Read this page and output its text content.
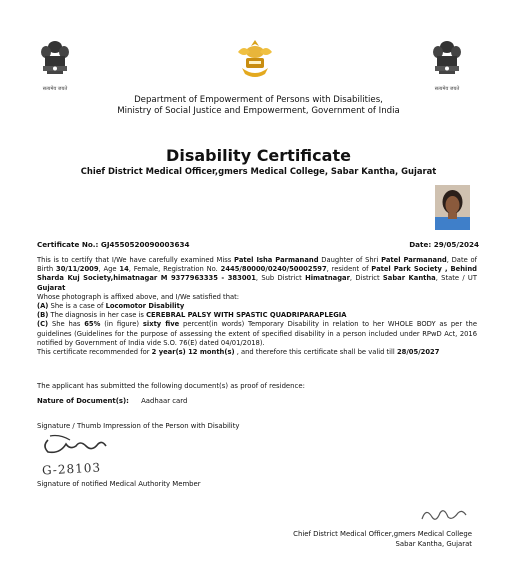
सत्यमेव जयते	सत्यमेव जयते
Department of Empowerment of Persons with Disabilities,
Ministry of Social Justice and Empowerment, Government of India
Disability Certificate
Chief District Medical Officer,gmers Medical College, Sabar Kantha, Gujarat
Certificate No.: GJ4550520090003634	Date: 29/05/2024
This is to certify that I/We have carefully examined Miss Patel Isha Parmanand Daughter of Shri Patel Parmanand, Date of Birth 30/11/2009, Age 14, Female, Registration No. 2445/80000/0240/50002597, resident of Patel Park Society , Behind Sharda Kuj Society,himatnagar M 9377963335 - 383001, Sub District Himatnagar, District Sabar Kantha, State / UT Gujarat
Whose photograph is affixed above, and I/We satisfied that:
(A) She is a case of Locomotor Disability
(B) The diagnosis in her case is CEREBRAL PALSY WITH SPASTIC QUADRIPARAPLEGIA
(C) She has 65% (in figure) sixty five percent(in words) Temporary Disability in relation to her WHOLE BODY as per the guidelines (Guidelines for the purpose of assessing the extent of specified disability in a person included under RPwD Act, 2016 notified by Government of India vide S.O. 76(E) dated 04/01/2018).
This certificate recommended for 2 year(s) 12 month(s) , and therefore this certificate shall be valid till 28/05/2027
The applicant has submitted the following document(s) as proof of residence:
Nature of Document(s): Aadhaar card
Signature / Thumb Impression of the Person with Disability
G-28103
Signature of notified Medical Authority Member
Chief District Medical Officer,gmers Medical College
Sabar Kantha, Gujarat
